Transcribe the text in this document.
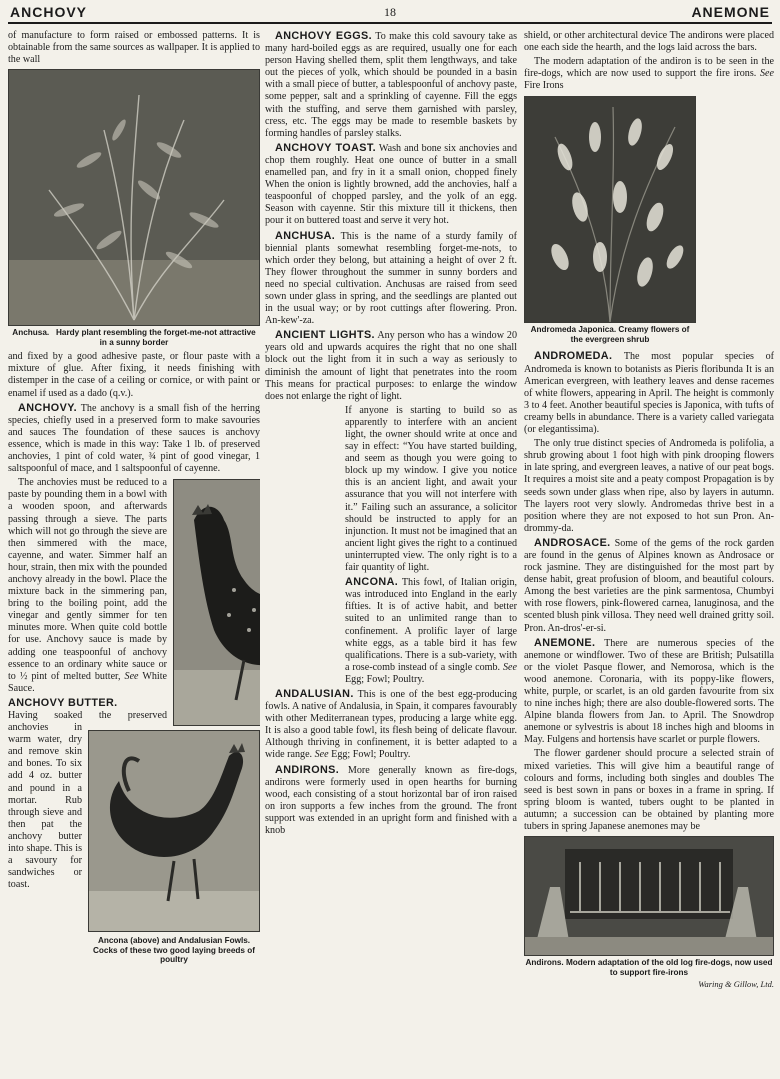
ANCHOVY	18	ANEMONE

of manufacture to form raised or embossed patterns. It is obtainable from the same sources as wallpaper. It is applied to the wall

Anchusa. Hardy plant resembling the forget-me-not attractive in a sunny border

and fixed by a good adhesive paste, or flour paste with a mixture of glue. After fixing, it needs finishing with distemper in the case of a ceiling or cornice, or with paint or enamel if used as a dado (q.v.).

ANCHOVY. The anchovy is a small fish of the herring species, chiefly used in a preserved form to make savouries and sauces The foundation of these sauces is anchovy essence, which is made in this way: Take 1 lb. of preserved anchovies, 1 pint of cold water, ¾ pint of good vinegar, 1 saltspoonful of mace, and 1 saltspoonful of cayenne.

The anchovies must be reduced to a paste by pounding them in a bowl with a wooden spoon, and afterwards passing through a sieve. The parts which will not go through the sieve are then simmered with the mace, cayenne, and water. Simmer half an hour, strain, then mix with the pounded anchovy already in the bowl. Place the mixture back in the simmering pan, bring to the boiling point, add the vinegar and gently simmer for ten minutes more. When quite cold bottle for use. Anchovy sauce is made by adding one teaspoonful of anchovy essence to an ordinary white sauce or to ½ pint of melted butter, See White Sauce.

ANCHOVY BUTTER.

Having soaked the preserved anchovies in warm water, dry and remove skin and bones. To six add 4 oz. butter and pound in a mortar. Rub through sieve and then pat the anchovy butter into shape. This is a savoury for sandwiches or toast.

Ancona (above) and Andalusian Fowls. Cocks of these two good laying breeds of poultry

ANCHOVY EGGS. To make this cold savoury take as many hard-boiled eggs as are required, usually one for each person Having shelled them, split them lengthways, and take out the pieces of yolk, which should be pounded in a basin with a small piece of butter, a tablespoonful of anchovy paste, some pepper, salt and a sprinkling of cayenne. Fill the eggs with the stuffing, and serve them garnished with parsley, cress, etc. The eggs may be made to resemble baskets by forming handles of parsley stalks.

ANCHOVY TOAST. Wash and bone six anchovies and chop them roughly. Heat one ounce of butter in a small enamelled pan, and fry in it a small onion, chopped finely When the onion is lightly browned, add the anchovies, half a teaspoonful of chopped parsley, and the yolk of an egg. Season with cayenne. Stir this mixture till it thickens, then pour it on buttered toast and serve it very hot.

ANCHUSA. This is the name of a sturdy family of biennial plants somewhat resembling forget-me-nots, to which order they belong, but attaining a height of over 2 ft. They flower throughout the summer in sunny borders and need no special cultivation. Anchusas are raised from seed sown under glass in spring, and the seedlings are planted out in the usual way; or by root cuttings after flowering. Pron. An-kew'-za.

ANCIENT LIGHTS. Any person who has a window 20 years old and upwards acquires the right that no one shall block out the light from it in such a way as seriously to diminish the amount of light that penetrates into the room This means for practical purposes: to enlarge the window does not enlarge the right of light.

If anyone is starting to build so as apparently to interfere with an ancient light, the owner should write at once and say in effect: “You have started building, and seem as though you were going to block up my window. I give you notice this is an ancient light, and await your assurance that you will not interfere with it.” Failing such an assurance, a solicitor should be instructed to apply for an injunction. It must not be imagined that an ancient light gives the right to a continued uninterrupted view. The only right is to a fair quantity of light.

ANCONA. This fowl, of Italian origin, was introduced into England in the early fifties. It is of active habit, and better suited to an unlimited range than to confinement. A prolific layer of large white eggs, as a table bird it has few qualifications. There is a sub-variety, with a rose-comb instead of a single comb. See Egg; Fowl; Poultry.

ANDALUSIAN. This is one of the best egg-producing fowls. A native of Andalusia, in Spain, it compares favourably with other Mediterranean types, producing a large white egg. It is also a good table fowl, its flesh being of delicate flavour. Although thriving in confinement, it is better adapted to a wide range. See Egg; Fowl; Poultry.

ANDIRONS. More generally known as fire-dogs, andirons were formerly used in open hearths for burning wood, each consisting of a stout horizontal bar of iron raised on iron supports a few inches from the ground. The front support was extended in an upright form and finished with a knob

shield, or other architectural device The andirons were placed one each side the hearth, and the logs laid across the bars.

The modern adaptation of the andiron is to be seen in the fire-dogs, which are now used to support the fire irons. See Fire Irons

Andromeda Japonica. Creamy flowers of the evergreen shrub

ANDROMEDA. The most popular species of Andromeda is known to botanists as Pieris floribunda It is an American evergreen, with leathery leaves and dense racemes of white flowers, appearing in April. The height is commonly 3 to 4 feet. Another beautiful species is Japonica, with tufts of creamy bells in abundance. There is a variety called variegata (or elegantissima).

The only true distinct species of Andromeda is polifolia, a shrub growing about 1 foot high with pink drooping flowers in late spring, and evergreen leaves, a native of our peat bogs. It requires a moist site and a peaty compost Propagation is by seeds sown under glass when ripe, also by layers in autumn. The layers root very slowly. Andromedas thrive best in a position where they are not exposed to hot sun Pron. An-drommy-da.

ANDROSACE. Some of the gems of the rock garden are found in the genus of Alpines known as Androsace or rock jasmine. They are distinguished for the most part by dense habit, great profusion of bloom, and beautiful colours. Among the best varieties are the pink sarmentosa, Chumbyi with rose flowers, pink-flowered carnea, lanuginosa, and the scented blush pink villosa. They need well drained gritty soil. Pron. An-dros'-er-si.

ANEMONE. There are numerous species of the anemone or windflower. Two of these are British; Pulsatilla or the violet Pasque flower, and Nemorosa, which is the wood anemone. Coronaria, with its poppy-like flowers, white, purple, or scarlet, is an old garden favourite from six to nine inches high; there are also double-flowered sorts. The Alpine blanda flowers from Jan. to April. The Snowdrop anemone or sylvestris is about 18 inches high and blooms in May. Fulgens and hortensis have scarlet or purple flowers.

The flower gardener should procure a selected strain of mixed varieties. This will give him a beautiful range of colours and forms, including both singles and doubles The seed is best sown in pans or boxes in a frame in spring. If spring bloom is wanted, tubers ought to be planted in autumn; a succession can be obtained by planting more tubers in spring Japanese anemones may be

Andirons. Modern adaptation of the old log fire-dogs, now used to support fire-irons
Waring & Gillow, Ltd.
